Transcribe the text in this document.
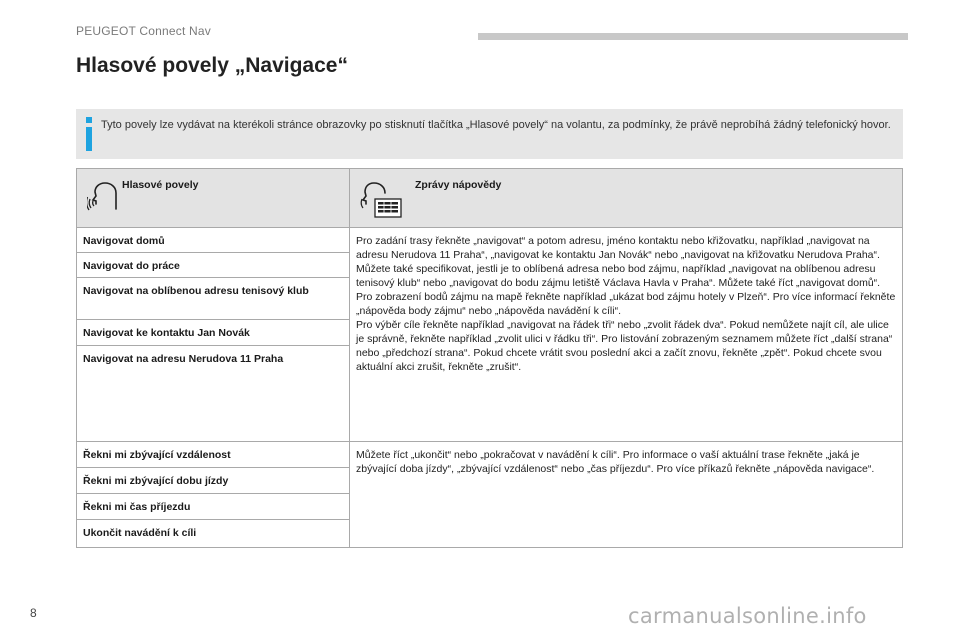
PEUGEOT Connect Nav
Hlasové povely „Navigace“
Tyto povely lze vydávat na kterékoli stránce obrazovky po stisknutí tlačítka „Hlasové povely“ na volantu, za podmínky, že právě neprobíhá žádný telefonický hovor.
Hlasové povely	Zprávy nápovědy

Navigovat domů	Pro zadání trasy řekněte „navigovat“ a potom adresu, jméno kontaktu nebo křižovatku, například „navigovat na adresu Nerudova 11 Praha“, „navigovat ke kontaktu Jan Novák“ nebo „navigovat na křižovatku Nerudova Praha“. Můžete také specifikovat, jestli je to oblíbená adresa nebo bod zájmu, například „navigovat na oblíbenou adresu tenisový klub“ nebo „navigovat do bodu zájmu letiště Václava Havla v Praha“. Můžete také říct „navigovat domů“. Pro zobrazení bodů zájmu na mapě řekněte například „ukázat bod zájmu hotely v Plzeň“. Pro více informací řekněte „nápověda body zájmu“ nebo „nápověda navádění k cíli“.
Pro výběr cíle řekněte například „navigovat na řádek tři“ nebo „zvolit řádek dva“. Pokud nemůžete najít cíl, ale ulice je správně, řekněte například „zvolit ulici v řádku tři“. Pro listování zobrazeným seznamem můžete říct „další strana“ nebo „předchozí strana“. Pokud chcete vrátit svou poslední akci a začít znovu, řekněte „zpět“. Pokud chcete svou aktuální akci zrušit, řekněte „zrušit“.
Navigovat do práce	
Navigovat na oblíbenou adresu tenisový klub	
Navigovat ke kontaktu Jan Novák	
Navigovat na adresu Nerudova 11 Praha	
Řekni mi zbývající vzdálenost	Můžete říct „ukončit“ nebo „pokračovat v navádění k cíli“. Pro informace o vaší aktuální trase řekněte „jaká je zbývající doba jízdy“, „zbývající vzdálenost“ nebo „čas příjezdu“. Pro více příkazů řekněte „nápověda navigace“.
Řekni mi zbývající dobu jízdy	
Řekni mi čas příjezdu	
Ukončit navádění k cíli	
8	carmanualsonline.info
